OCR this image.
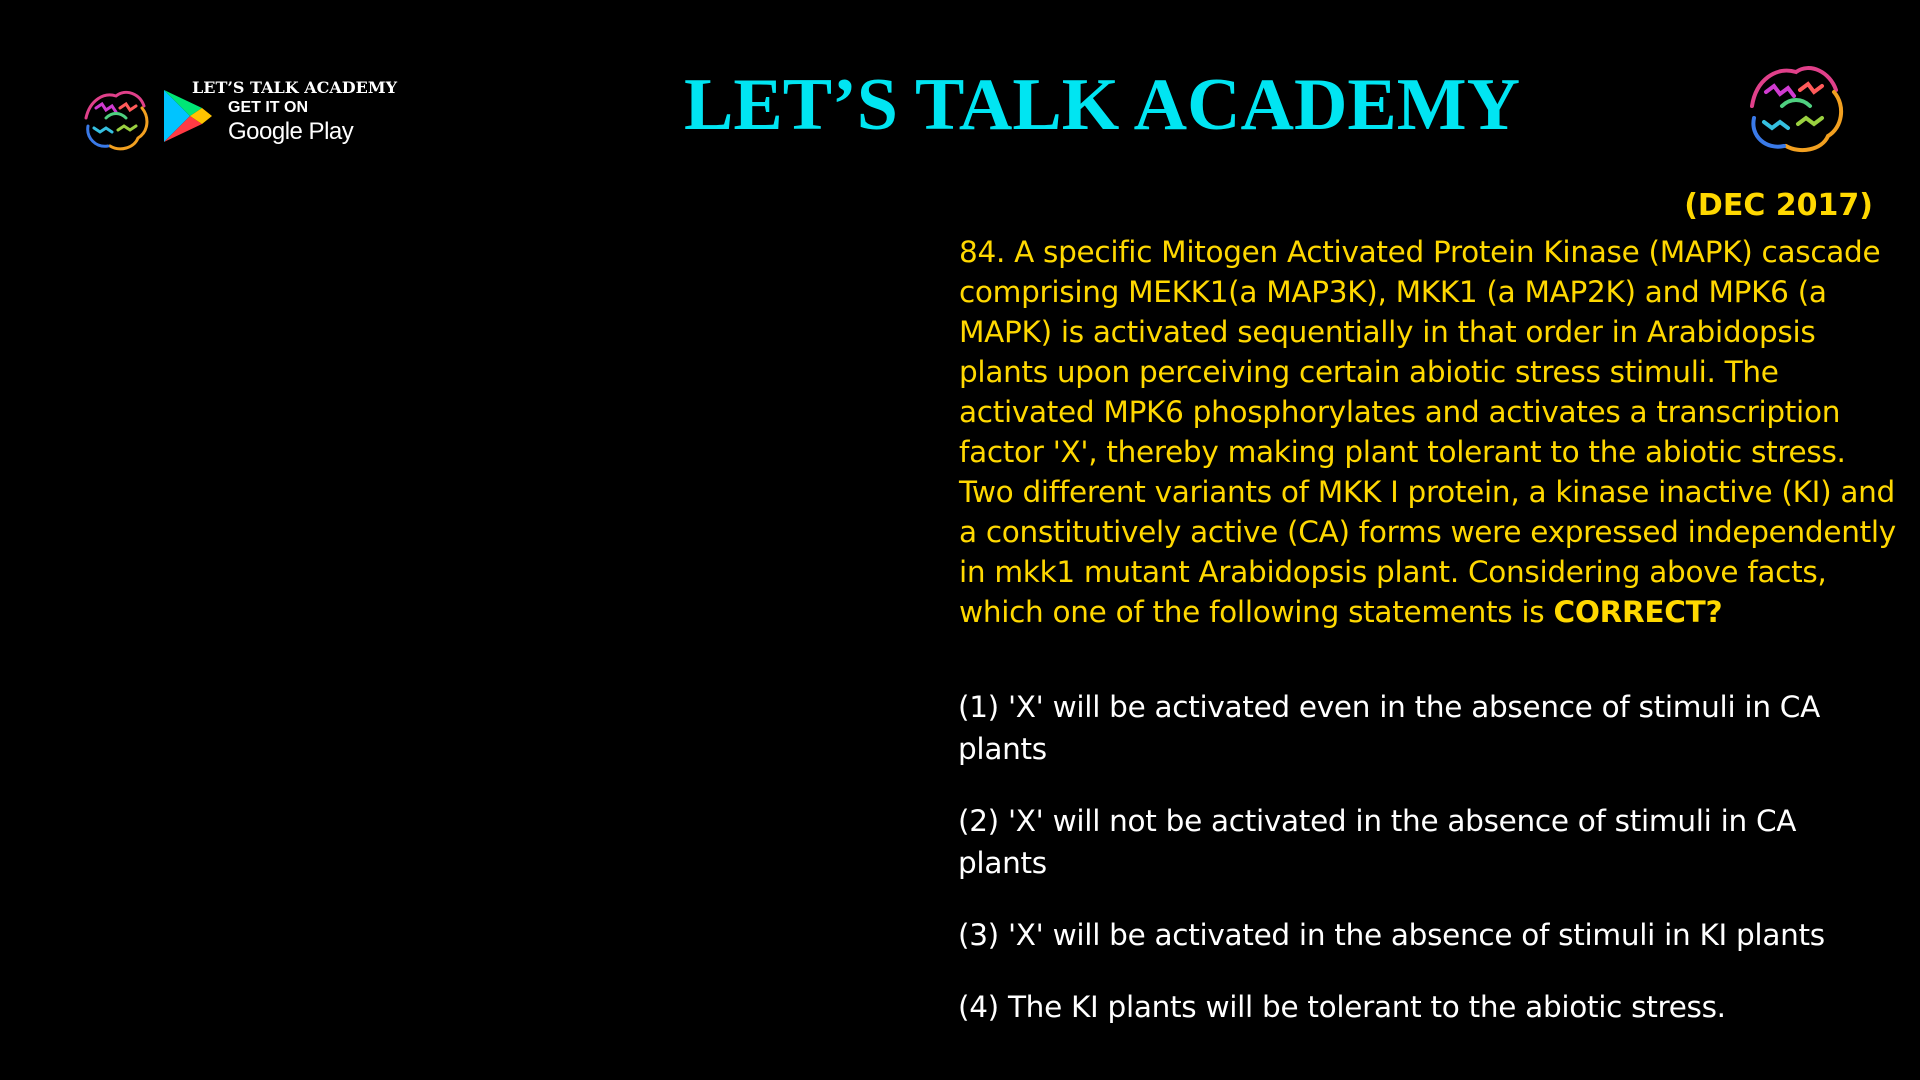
LET’S TALK ACADEMY
GET IT ON
Google Play	LET’S TALK ACADEMY
(DEC 2017)

84. A specific Mitogen Activated Protein Kinase (MAPK) cascade comprising MEKK1(a MAP3K), MKK1 (a MAP2K) and MPK6 (a MAPK) is activated sequentially in that order in Arabidopsis plants upon perceiving certain abiotic stress stimuli. The activated MPK6 phosphorylates and activates a transcription factor 'X', thereby making plant tolerant to the abiotic stress. Two different variants of MKK I protein, a kinase inactive (KI) and a constitutively active (CA) forms were expressed independently in mkk1 mutant Arabidopsis plant. Considering above facts, which one of the following statements is CORRECT?

(1) 'X' will be activated even in the absence of stimuli in CA plants

(2) 'X' will not be activated in the absence of stimuli in CA plants

(3) 'X' will be activated in the absence of stimuli in KI plants

(4) The KI plants will be tolerant to the abiotic stress.
